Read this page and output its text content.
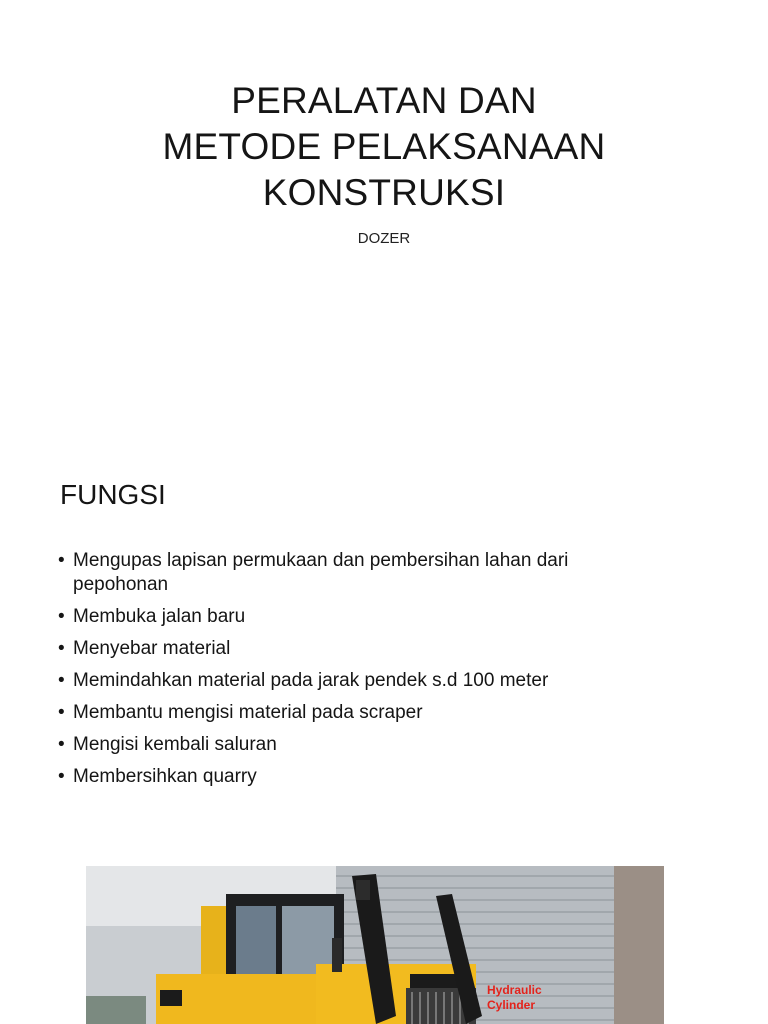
PERALATAN DAN
METODE PELAKSANAAN
KONSTRUKSI
DOZER
FUNGSI
• Mengupas lapisan permukaan dan pembersihan lahan dari pepohonan
• Membuka jalan baru
• Menyebar material
• Memindahkan material pada jarak pendek s.d 100 meter
• Membantu mengisi material pada scraper
• Mengisi kembali saluran
• Membersihkan quarry
Hydraulic
Cylinder
